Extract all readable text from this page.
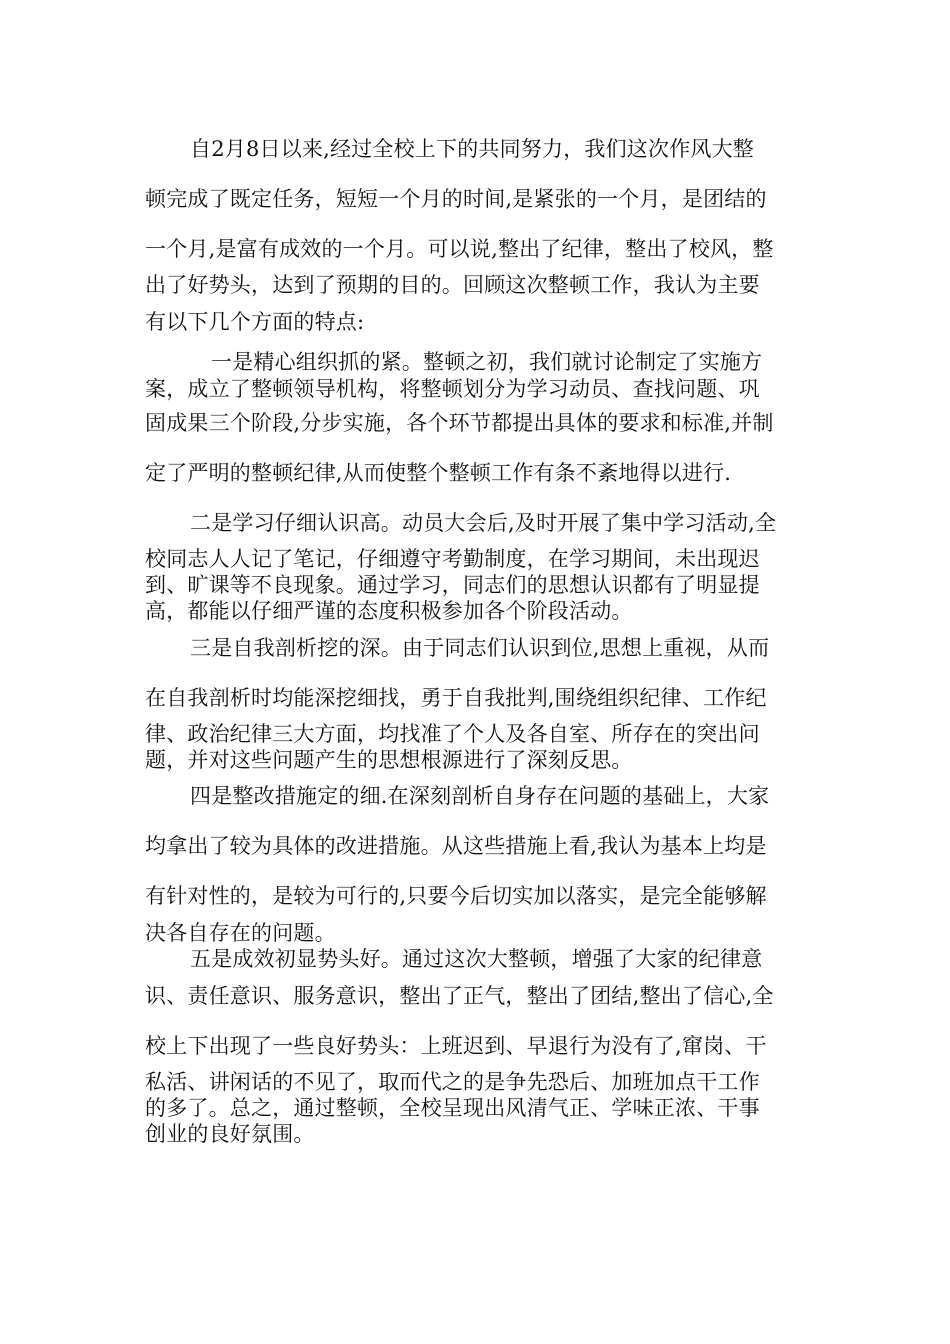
自2月8日以来,经过全校上下的共同努力，我们这次作风大整
顿完成了既定任务，短短一个月的时间,是紧张的一个月，是团结的
一个月,是富有成效的一个月。可以说,整出了纪律，整出了校风，整
出了好势头，达到了预期的目的。回顾这次整顿工作，我认为主要
有以下几个方面的特点:
一是精心组织抓的紧。整顿之初，我们就讨论制定了实施方
案，成立了整顿领导机构，将整顿划分为学习动员、查找问题、巩
固成果三个阶段,分步实施，各个环节都提出具体的要求和标准,并制
定了严明的整顿纪律,从而使整个整顿工作有条不紊地得以进行.
二是学习仔细认识高。动员大会后,及时开展了集中学习活动,全
校同志人人记了笔记，仔细遵守考勤制度，在学习期间，未出现迟
到、旷课等不良现象。通过学习，同志们的思想认识都有了明显提
高，都能以仔细严谨的态度积极参加各个阶段活动。
三是自我剖析挖的深。由于同志们认识到位,思想上重视，从而
在自我剖析时均能深挖细找，勇于自我批判,围绕组织纪律、工作纪
律、政治纪律三大方面，均找准了个人及各自室、所存在的突出问
题，并对这些问题产生的思想根源进行了深刻反思。
四是整改措施定的细.在深刻剖析自身存在问题的基础上，大家
均拿出了较为具体的改进措施。从这些措施上看,我认为基本上均是
有针对性的，是较为可行的,只要今后切实加以落实，是完全能够解
决各自存在的问题。
五是成效初显势头好。通过这次大整顿，增强了大家的纪律意
识、责任意识、服务意识，整出了正气，整出了团结,整出了信心,全
校上下出现了一些良好势头：上班迟到、早退行为没有了,窜岗、干
私活、讲闲话的不见了，取而代之的是争先恐后、加班加点干工作
的多了。总之，通过整顿，全校呈现出风清气正、学味正浓、干事
创业的良好氛围。
